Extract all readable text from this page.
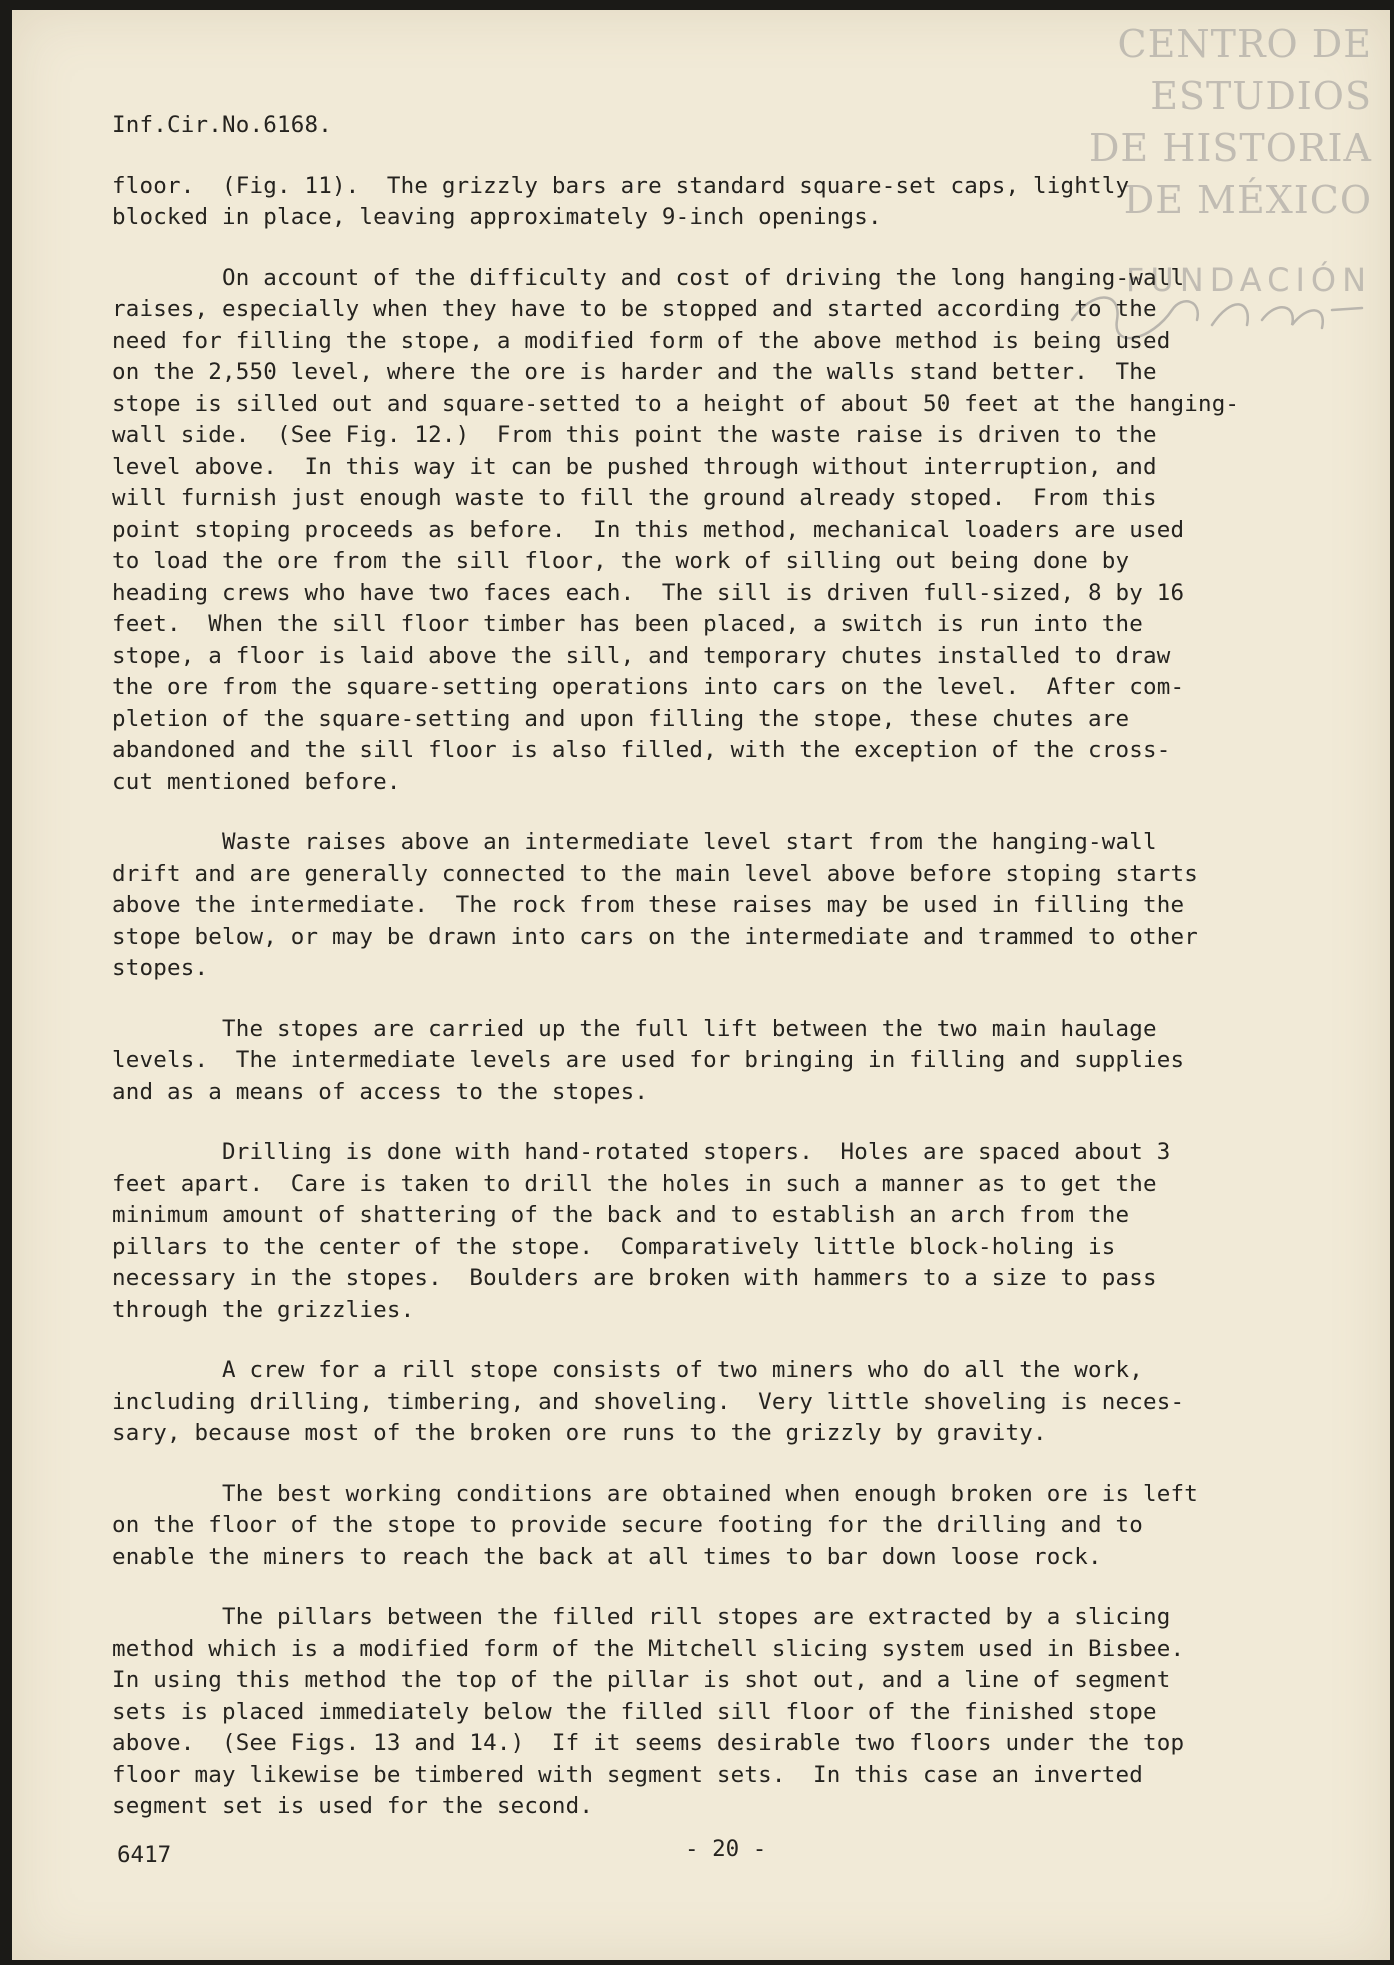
CENTRO DE
ESTUDIOS
DE HISTORIA
DE MÉXICO
FUNDACIÓN
Inf.Cir.No.6168.
floor.  (Fig. 11).  The grizzly bars are standard square-set caps, lightly
blocked in place, leaving approximately 9-inch openings.
On account of the difficulty and cost of driving the long hanging-wall
raises, especially when they have to be stopped and started according to the
need for filling the stope, a modified form of the above method is being used
on the 2,550 level, where the ore is harder and the walls stand better.  The
stope is silled out and square-setted to a height of about 50 feet at the hanging-
wall side.  (See Fig. 12.)  From this point the waste raise is driven to the
level above.  In this way it can be pushed through without interruption, and
will furnish just enough waste to fill the ground already stoped.  From this
point stoping proceeds as before.  In this method, mechanical loaders are used
to load the ore from the sill floor, the work of silling out being done by
heading crews who have two faces each.  The sill is driven full-sized, 8 by 16
feet.  When the sill floor timber has been placed, a switch is run into the
stope, a floor is laid above the sill, and temporary chutes installed to draw
the ore from the square-setting operations into cars on the level.  After com-
pletion of the square-setting and upon filling the stope, these chutes are
abandoned and the sill floor is also filled, with the exception of the cross-
cut mentioned before.
Waste raises above an intermediate level start from the hanging-wall
drift and are generally connected to the main level above before stoping starts
above the intermediate.  The rock from these raises may be used in filling the
stope below, or may be drawn into cars on the intermediate and trammed to other
stopes.
The stopes are carried up the full lift between the two main haulage
levels.  The intermediate levels are used for bringing in filling and supplies
and as a means of access to the stopes.
Drilling is done with hand-rotated stopers.  Holes are spaced about 3
feet apart.  Care is taken to drill the holes in such a manner as to get the
minimum amount of shattering of the back and to establish an arch from the
pillars to the center of the stope.  Comparatively little block-holing is
necessary in the stopes.  Boulders are broken with hammers to a size to pass
through the grizzlies.
A crew for a rill stope consists of two miners who do all the work,
including drilling, timbering, and shoveling.  Very little shoveling is neces-
sary, because most of the broken ore runs to the grizzly by gravity.
The best working conditions are obtained when enough broken ore is left
on the floor of the stope to provide secure footing for the drilling and to
enable the miners to reach the back at all times to bar down loose rock.
The pillars between the filled rill stopes are extracted by a slicing
method which is a modified form of the Mitchell slicing system used in Bisbee.
In using this method the top of the pillar is shot out, and a line of segment
sets is placed immediately below the filled sill floor of the finished stope
above.  (See Figs. 13 and 14.)  If it seems desirable two floors under the top
floor may likewise be timbered with segment sets.  In this case an inverted
segment set is used for the second.
6417	- 20 -
